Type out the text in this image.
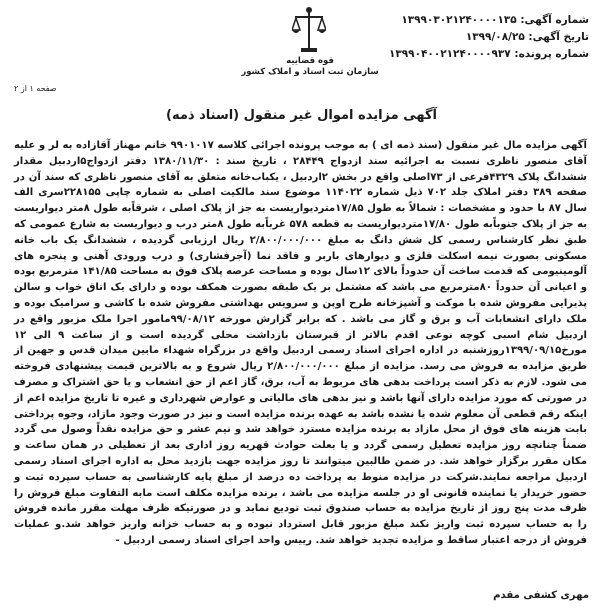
شماره آگهی: ۱۳۹۹۰۳۰۲۱۲۴۰۰۰۰۱۳۵
تاریخ آگهی: ۱۳۹۹/۰۸/۲۵
شماره پرونده: ۱۳۹۹۰۴۰۰۲۱۲۴۰۰۰۰۹۳۷
قوه قضاییه
سازمان ثبت اسناد و املاک کشور
صفحه ۱ از ۲
آگهی مزایده اموال غیر منقول (اسناد ذمه)

آگهی مزایده مال غیر منقول (سند ذمه ای ) به موجب پرونده اجرائی کلاسه ۹۹۰۱۰۱۷ خانم مهناز آقازاده به لر و علیه آقای منصور ناظری نسبت به اجرائیه سند ازدواج ۲۸۴۴۹ ، تاریخ سند : ۱۳۸۰/۱۱/۳۰ دفتر ازدواج۵اردبیل مقدار ششدانگ پلاک ۴۳۲۹فرعی از ۷۳اصلی واقع در بخش ۲اردبیل ، یکباب‌خانه متعلق به آقای منصور ناظری که سند آن در صفحه ۳۸۹ دفتر املاک جلد ۷۰۲ ذیل شماره ۱۱۴۰۲۲ موضوع سند مالکیت اصلی به شماره چاپی ۲۲۸۱۵۵سری الف سال ۸۷ با حدود و مشخصات : شمالاً به طول ۱۷/۸۵متردیواریست به جز از پلاک اصلی ، شرقاًبه طول ۸متر دیواریست به جز از پلاک جنوباًبه طول ۱۷/۸۰متردیواریست به قطعه ۵۷۸ غرباًبه طول ۸متر درب و دیواریست به شارع عمومی که طبق نظر کارشناس رسمی کل شش دانگ به مبلغ ۲/۸۰۰/۰۰۰/۰۰۰ ریال ارزیابی گردیده ، ششدانگ یک باب خانه مسکونی بصورت نیمه اسکلت فلزی و دیوارهای باربر و فاقد نما (آجرفشاری) و درب ورودی آهنی و پنجره های آلومینیومی که قدمت ساخت آن حدوداً بالای ۱۲سال بوده و مساحت عرصه پلاک فوق به مساحت ۱۴۱/۸۵ مترمربع بوده و اعیانی آن حدوداً ۸۰مترمربع می باشد که مشتمل بر یک طبقه بصورت همکف بوده و دارای یک اتاق خواب و سالن پذیرایی مفروش شده با موکت و آشپزخانه طرح اوپن و سرویس بهداشتی مفروش شده با کاشی و سرامیک بوده و ملک دارای انشعابات آب و برق و گاز می باشد . که برابر گزارش مورخه ۹۹/۰۸/۱۲مامور اجرا ملک مزبور واقع در اردبیل شام اسبی کوچه نوعی اقدم بالاتر از قبرستان بازداشت محلی گردیده است و از ساعت ۹ الی ۱۲ مورخ۱۳۹۹/۰۹/۱۵روزشنبه در اداره اجرای اسناد رسمی اردبیل واقع در بزرگراه شهداء مابین میدان قدس و جهین از طریق مزایده به فروش می رسد. مزایده از مبلغ ۲/۸۰۰/۰۰۰/۰۰۰ ریال شروع و به بالاترین قیمت پیشنهادی فروخته می شود. لازم به ذکر است پرداخت بدهی های مربوط به آب، برق، گاز اعم از حق انشعاب و یا حق اشتراک و مصرف در صورتی که مورد مزایده دارای آنها باشد و نیز بدهی های مالیاتی و عوارض شهرداری و غیره تا تاریخ مزایده اعم از اینکه رقم قطعی آن معلوم شده یا نشده باشد به عهده برنده مزایده است و نیز در صورت وجود مازاد، وجوه پرداختی بابت هزینه های فوق از محل مازاد به برنده مزایده مسترد خواهد شد و نیم عشر و حق مزایده نقداً وصول می گردد ضمناً چنانچه روز مزایده تعطیل رسمی گردد و یا بعلت حوادث قهریه روز اداری بعد از تعطیلی در همان ساعت و مکان مقرر برگزار خواهد شد. در ضمن طالبین میتوانند تا روز مزایده جهت بازدید محل به اداره اجرای اسناد رسمی اردبیل مراجعه نمایند.شرکت در مزایده منوط به پرداخت ده درصد از مبلغ پایه کارشناسی به حساب سپرده ثبت و حضور خریدار یا نماینده قانونی او در جلسه مزایده می باشد ، برنده مزایده مکلف است مابه التفاوت مبلغ فروش را ظرف مدت پنج روز از تاریخ مزایده به حساب صندوق ثبت تودیع نماید و در صورتیکه ظرف مهلت مقرر مانده فروش را به حساب سپرده ثبت واریز نکند مبلغ مزبور قابل استرداد نبوده و به حساب خزانه واریز خواهد شد.و عملیات فروش از درجه اعتبار ساقط و مزایده تجدید خواهد شد. رییس واحد اجرای اسناد رسمی اردبیل -

مهری کشفی مقدم
